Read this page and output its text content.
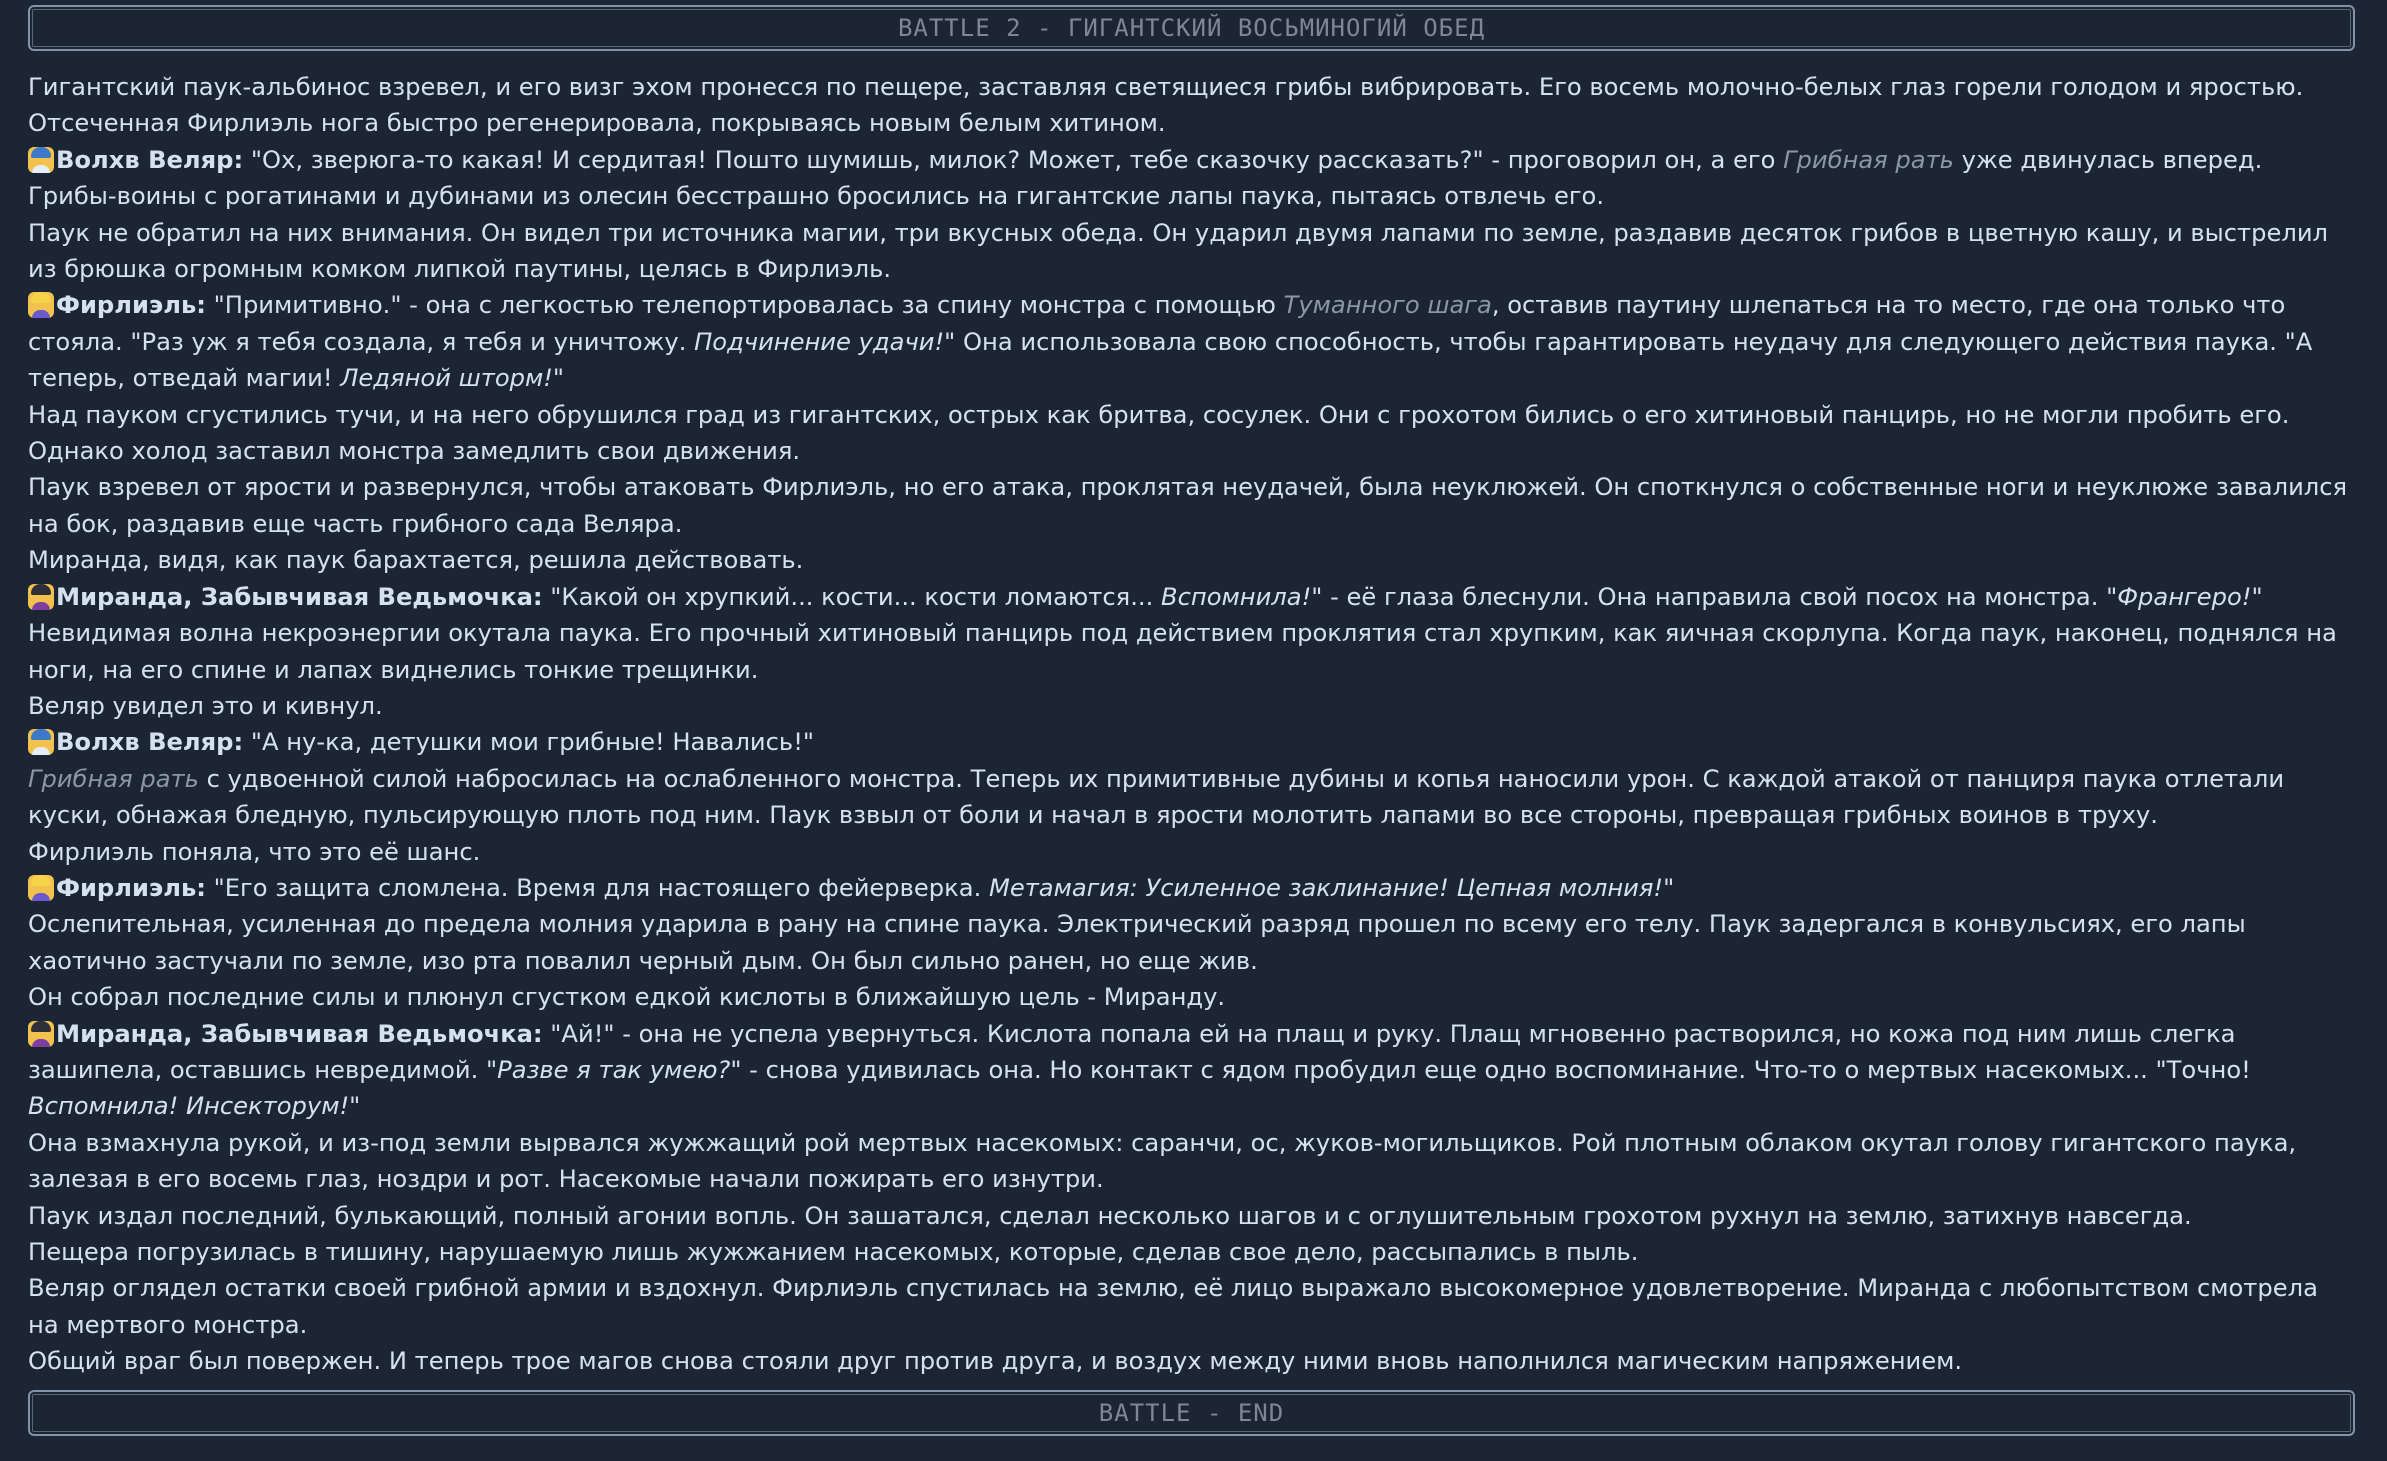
BATTLE 2 - ГИГАНТСКИЙ ВОСЬМИНОГИЙ ОБЕД
Гигантский паук-альбинос взревел, и его визг эхом пронесся по пещере, заставляя светящиеся грибы вибрировать. Его восемь молочно-белых глаз горели голодом и яростью. Отсеченная Фирлиэль нога быстро регенерировала, покрываясь новым белым хитином.
Волхв Веляр: "Ох, зверюга-то какая! И сердитая! Пошто шумишь, милок? Может, тебе сказочку рассказать?" - проговорил он, а его Грибная рать уже двинулась вперед. Грибы-воины с рогатинами и дубинами из олесин бесстрашно бросились на гигантские лапы паука, пытаясь отвлечь его.
Паук не обратил на них внимания. Он видел три источника магии, три вкусных обеда. Он ударил двумя лапами по земле, раздавив десяток грибов в цветную кашу, и выстрелил из брюшка огромным комком липкой паутины, целясь в Фирлиэль.
Фирлиэль: "Примитивно." - она с легкостью телепортировалась за спину монстра с помощью Туманного шага, оставив паутину шлепаться на то место, где она только что стояла. "Раз уж я тебя создала, я тебя и уничтожу. Подчинение удачи!" Она использовала свою способность, чтобы гарантировать неудачу для следующего действия паука. "А теперь, отведай магии! Ледяной шторм!"
Над пауком сгустились тучи, и на него обрушился град из гигантских, острых как бритва, сосулек. Они с грохотом бились о его хитиновый панцирь, но не могли пробить его. Однако холод заставил монстра замедлить свои движения.
Паук взревел от ярости и развернулся, чтобы атаковать Фирлиэль, но его атака, проклятая неудачей, была неуклюжей. Он споткнулся о собственные ноги и неуклюже завалился на бок, раздавив еще часть грибного сада Веляра.
Миранда, видя, как паук барахтается, решила действовать.
Миранда, Забывчивая Ведьмочка: "Какой он хрупкий... кости... кости ломаются... Вспомнила!" - её глаза блеснули. Она направила свой посох на монстра. "Франгеро!"
Невидимая волна некроэнергии окутала паука. Его прочный хитиновый панцирь под действием проклятия стал хрупким, как яичная скорлупа. Когда паук, наконец, поднялся на ноги, на его спине и лапах виднелись тонкие трещинки.
Веляр увидел это и кивнул.
Волхв Веляр: "А ну-ка, детушки мои грибные! Навались!"
Грибная рать с удвоенной силой набросилась на ослабленного монстра. Теперь их примитивные дубины и копья наносили урон. С каждой атакой от панциря паука отлетали куски, обнажая бледную, пульсирующую плоть под ним. Паук взвыл от боли и начал в ярости молотить лапами во все стороны, превращая грибных воинов в труху.
Фирлиэль поняла, что это её шанс.
Фирлиэль: "Его защита сломлена. Время для настоящего фейерверка. Метамагия: Усиленное заклинание! Цепная молния!"
Ослепительная, усиленная до предела молния ударила в рану на спине паука. Электрический разряд прошел по всему его телу. Паук задергался в конвульсиях, его лапы хаотично застучали по земле, изо рта повалил черный дым. Он был сильно ранен, но еще жив.
Он собрал последние силы и плюнул сгустком едкой кислоты в ближайшую цель - Миранду.
Миранда, Забывчивая Ведьмочка: "Ай!" - она не успела увернуться. Кислота попала ей на плащ и руку. Плащ мгновенно растворился, но кожа под ним лишь слегка зашипела, оставшись невредимой. "Разве я так умею?" - снова удивилась она. Но контакт с ядом пробудил еще одно воспоминание. Что-то о мертвых насекомых... "Точно! Вспомнила! Инсекторум!"
Она взмахнула рукой, и из-под земли вырвался жужжащий рой мертвых насекомых: саранчи, ос, жуков-могильщиков. Рой плотным облаком окутал голову гигантского паука, залезая в его восемь глаз, ноздри и рот. Насекомые начали пожирать его изнутри.
Паук издал последний, булькающий, полный агонии вопль. Он зашатался, сделал несколько шагов и с оглушительным грохотом рухнул на землю, затихнув навсегда.
Пещера погрузилась в тишину, нарушаемую лишь жужжанием насекомых, которые, сделав свое дело, рассыпались в пыль.
Веляр оглядел остатки своей грибной армии и вздохнул. Фирлиэль спустилась на землю, её лицо выражало высокомерное удовлетворение. Миранда с любопытством смотрела на мертвого монстра.
Общий враг был повержен. И теперь трое магов снова стояли друг против друга, и воздух между ними вновь наполнился магическим напряжением.
BATTLE - END
